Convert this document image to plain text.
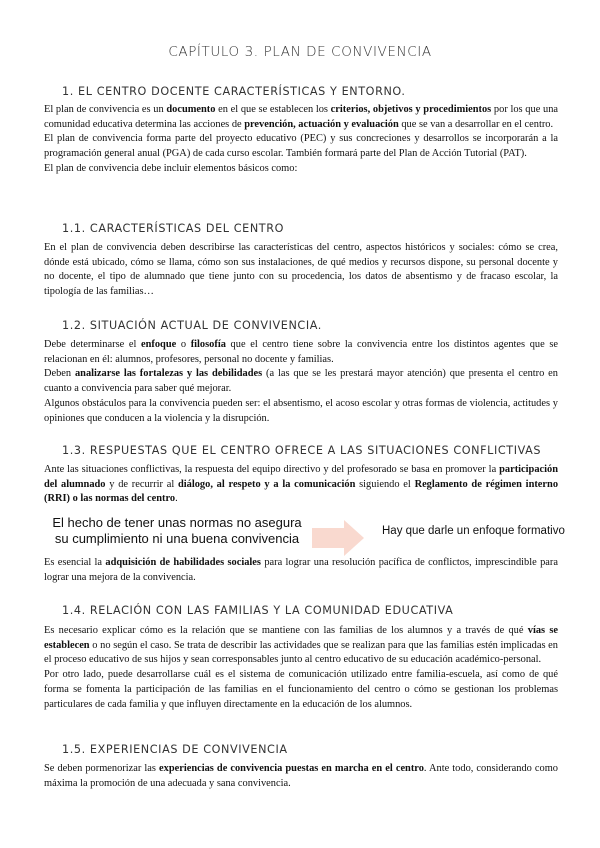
CAPÍTULO 3. PLAN DE CONVIVENCIA
1. EL CENTRO DOCENTE CARACTERÍSTICAS Y ENTORNO.
El plan de convivencia es un documento en el que se establecen los criterios, objetivos y procedimientos por los que una comunidad educativa determina las acciones de prevención, actuación y evaluación que se van a desarrollar en el centro.
El plan de convivencia forma parte del proyecto educativo (PEC) y sus concreciones y desarrollos se incorporarán a la programación general anual (PGA) de cada curso escolar. También formará parte del Plan de Acción Tutorial (PAT).
El plan de convivencia debe incluir elementos básicos como:
1.1. CARACTERÍSTICAS DEL CENTRO
En el plan de convivencia deben describirse las características del centro, aspectos históricos y sociales: cómo se crea, dónde está ubicado, cómo se llama, cómo son sus instalaciones, de qué medios y recursos dispone, su personal docente y no docente, el tipo de alumnado que tiene junto con su procedencia, los datos de absentismo y de fracaso escolar, la tipología de las familias…
1.2. SITUACIÓN ACTUAL DE CONVIVENCIA.
Debe determinarse el enfoque o filosofía que el centro tiene sobre la convivencia entre los distintos agentes que se relacionan en él: alumnos, profesores, personal no docente y familias.
Deben analizarse las fortalezas y las debilidades (a las que se les prestará mayor atención) que presenta el centro en cuanto a convivencia para saber qué mejorar.
Algunos obstáculos para la convivencia pueden ser: el absentismo, el acoso escolar y otras formas de violencia, actitudes y opiniones que conducen a la violencia y la disrupción.
1.3. RESPUESTAS QUE EL CENTRO OFRECE A LAS SITUACIONES CONFLICTIVAS
Ante las situaciones conflictivas, la respuesta del equipo directivo y del profesorado se basa en promover la participación del alumnado y de recurrir al diálogo, al respeto y a la comunicación siguiendo el Reglamento de régimen interno (RRI) o las normas del centro.
El hecho de tener unas normas no asegura su cumplimiento ni una buena convivencia	Hay que darle un enfoque formativo
Es esencial la adquisición de habilidades sociales para lograr una resolución pacífica de conflictos, imprescindible para lograr una mejora de la convivencia.
1.4. RELACIÓN CON LAS FAMILIAS Y LA COMUNIDAD EDUCATIVA
Es necesario explicar cómo es la relación que se mantiene con las familias de los alumnos y a través de qué vías se establecen o no según el caso. Se trata de describir las actividades que se realizan para que las familias estén implicadas en el proceso educativo de sus hijos y sean corresponsables junto al centro educativo de su educación académico-personal.
Por otro lado, puede desarrollarse cuál es el sistema de comunicación utilizado entre familia-escuela, así como de qué forma se fomenta la participación de las familias en el funcionamiento del centro o cómo se gestionan los problemas particulares de cada familia y que influyen directamente en la educación de los alumnos.
1.5. EXPERIENCIAS DE CONVIVENCIA
Se deben pormenorizar las experiencias de convivencia puestas en marcha en el centro. Ante todo, considerando como máxima la promoción de una adecuada y sana convivencia.
